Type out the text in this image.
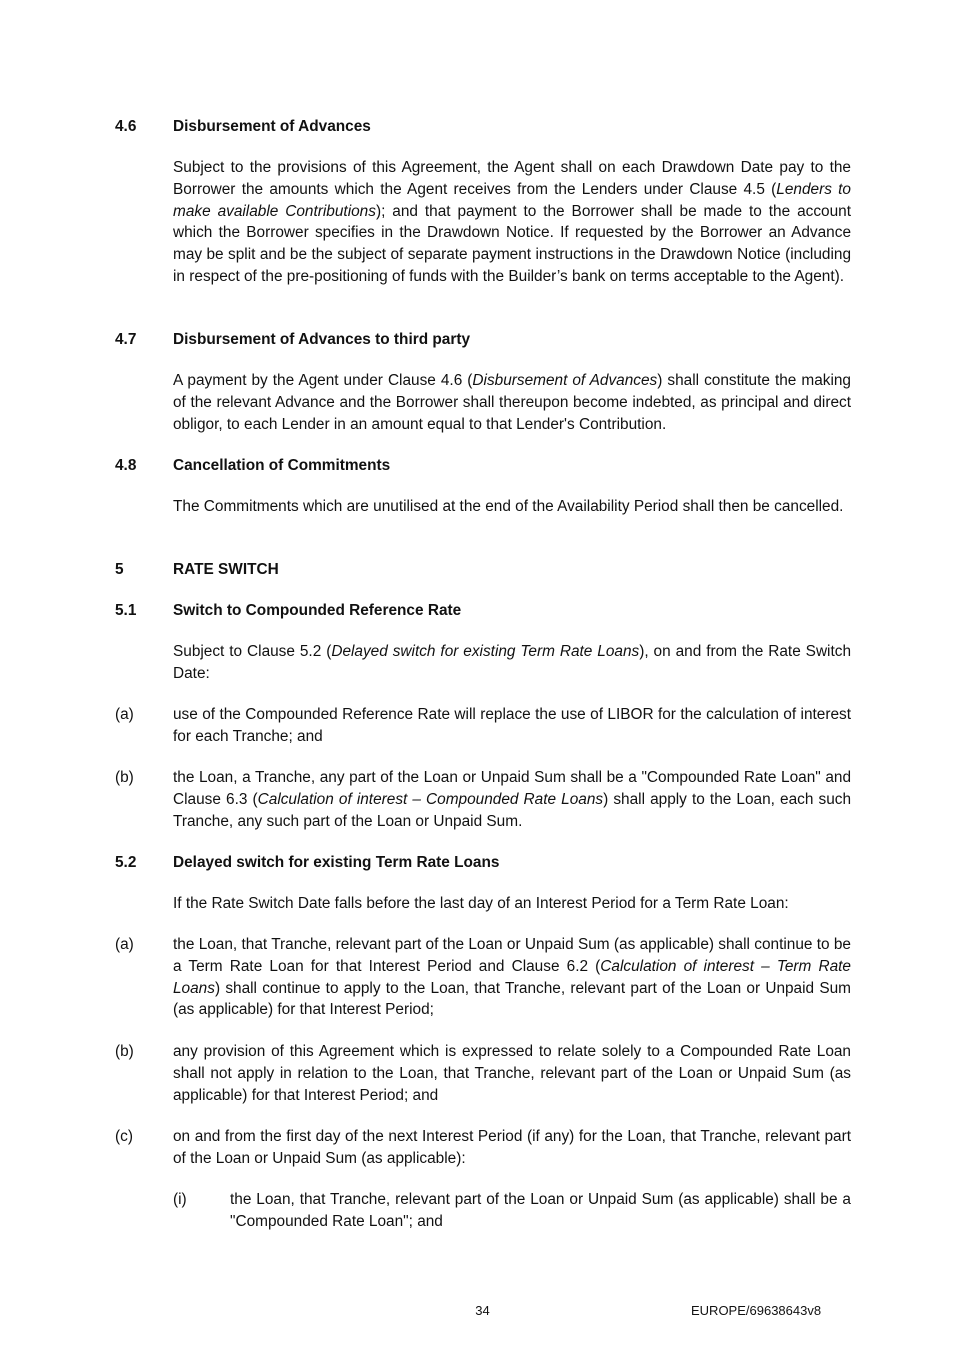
4.6 Disbursement of Advances
Subject to the provisions of this Agreement, the Agent shall on each Drawdown Date pay to the Borrower the amounts which the Agent receives from the Lenders under Clause 4.5 (Lenders to make available Contributions); and that payment to the Borrower shall be made to the account which the Borrower specifies in the Drawdown Notice. If requested by the Borrower an Advance may be split and be the subject of separate payment instructions in the Drawdown Notice (including in respect of the pre-positioning of funds with the Builder’s bank on terms acceptable to the Agent).
4.7 Disbursement of Advances to third party
A payment by the Agent under Clause 4.6 (Disbursement of Advances) shall constitute the making of the relevant Advance and the Borrower shall thereupon become indebted, as principal and direct obligor, to each Lender in an amount equal to that Lender's Contribution.
4.8 Cancellation of Commitments
The Commitments which are unutilised at the end of the Availability Period shall then be cancelled.
5	RATE SWITCH
5.1 Switch to Compounded Reference Rate
Subject to Clause 5.2 (Delayed switch for existing Term Rate Loans), on and from the Rate Switch Date:
(a)	use of the Compounded Reference Rate will replace the use of LIBOR for the calculation of interest for each Tranche; and
(b)	the Loan, a Tranche, any part of the Loan or Unpaid Sum shall be a "Compounded Rate Loan" and Clause 6.3 (Calculation of interest – Compounded Rate Loans) shall apply to the Loan, each such Tranche, any such part of the Loan or Unpaid Sum.
5.2 Delayed switch for existing Term Rate Loans
If the Rate Switch Date falls before the last day of an Interest Period for a Term Rate Loan:
(a)	the Loan, that Tranche, relevant part of the Loan or Unpaid Sum (as applicable) shall continue to be a Term Rate Loan for that Interest Period and Clause 6.2 (Calculation of interest – Term Rate Loans) shall continue to apply to the Loan, that Tranche, relevant part of the Loan or Unpaid Sum (as applicable) for that Interest Period;
(b)	any provision of this Agreement which is expressed to relate solely to a Compounded Rate Loan shall not apply in relation to the Loan, that Tranche, relevant part of the Loan or Unpaid Sum (as applicable) for that Interest Period; and
(c)	on and from the first day of the next Interest Period (if any) for the Loan, that Tranche, relevant part of the Loan or Unpaid Sum (as applicable):
(i)	the Loan, that Tranche, relevant part of the Loan or Unpaid Sum (as applicable) shall be a "Compounded Rate Loan"; and
34	EUROPE/69638643v8
